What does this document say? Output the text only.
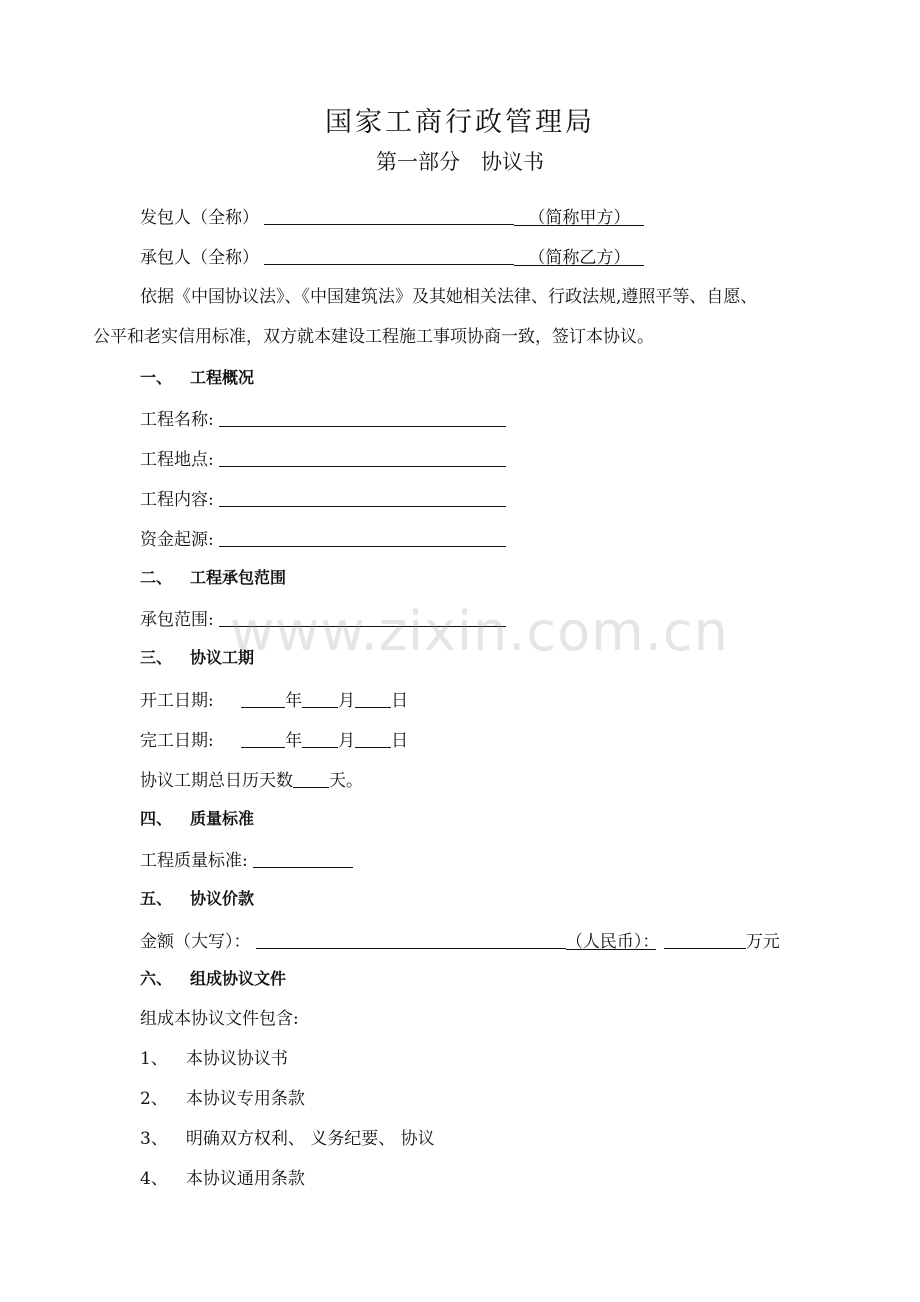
国家工商行政管理局
第一部分　协议书
发包人（全称）	（简称甲方）
承包人（全称）	（简称乙方）
依据《中国协议法》、《中国建筑法》及其她相关法律、行政法规,遵照平等、自愿、
公平和老实信用标准，双方就本建设工程施工事项协商一致，签订本协议。
一、 工程概况
工程名称:
工程地点:
工程内容:
资金起源:
二、 工程承包范围
承包范围:
三、 协议工期
开工日期:	年 月 日
完工日期:	年 月 日
协议工期总日历天数 天。
四、 质量标准
工程质量标准:
五、 协议价款
金额（大写）：	（人民币）：	万元
六、 组成协议文件
组成本协议文件包含:
1、 本协议协议书
2、 本协议专用条款
3、 明确双方权利、 义务纪要、 协议
4、 本协议通用条款
www.zixin.com.cn
